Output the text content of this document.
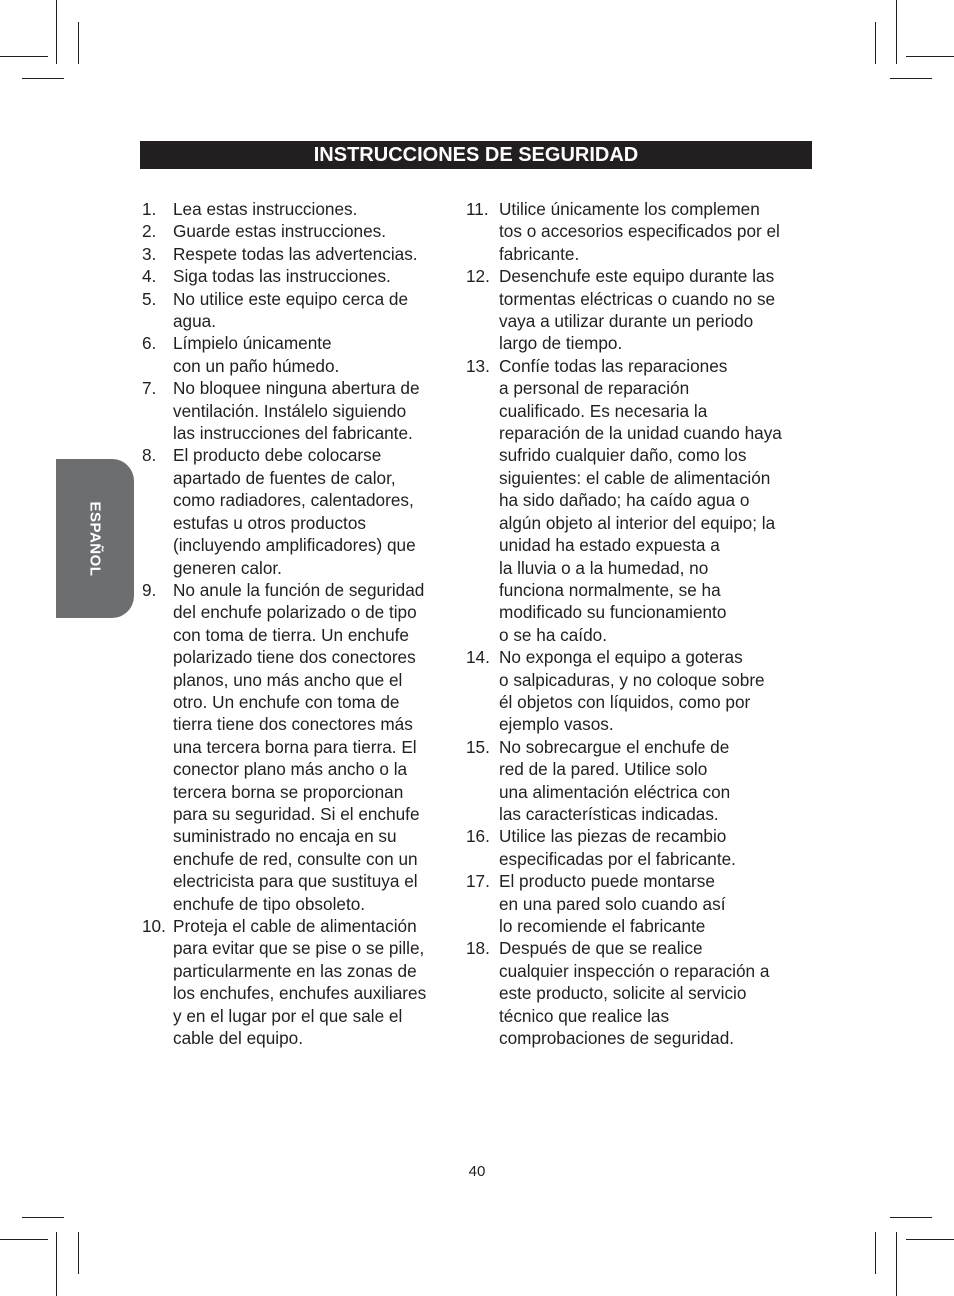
INSTRUCCIONES DE SEGURIDAD
ESPAÑOL
1. Lea estas instrucciones.
2. Guarde estas instrucciones.
3. Respete todas las advertencias.
4. Siga todas las instrucciones.
5. No utilice este equipo cerca de
agua.
6. Límpielo únicamente
con un paño húmedo.
7. No bloquee ninguna abertura de
ventilación. Instálelo siguiendo
las instrucciones del fabricante.
8. El producto debe colocarse
apartado de fuentes de calor,
como radiadores, calentadores,
estufas u otros productos
(incluyendo amplificadores) que
generen calor.
9. No anule la función de seguridad
del enchufe polarizado o de tipo
con toma de tierra. Un enchufe
polarizado tiene dos conectores
planos, uno más ancho que el
otro. Un enchufe con toma de
tierra tiene dos conectores más
una tercera borna para tierra. El
conector plano más ancho o la
tercera borna se proporcionan
para su seguridad. Si el enchufe
suministrado no encaja en su
enchufe de red, consulte con un
electricista para que sustituya el
enchufe de tipo obsoleto.
10. Proteja el cable de alimentación
para evitar que se pise o se pille,
particularmente en las zonas de
los enchufes, enchufes auxiliares
y en el lugar por el que sale el
cable del equipo.
11. Utilice únicamente los complemen
tos o accesorios especificados por el
fabricante.
12. Desenchufe este equipo durante las
tormentas eléctricas o cuando no se
vaya a utilizar durante un periodo
largo de tiempo.
13. Confíe todas las reparaciones
a personal de reparación
cualificado. Es necesaria la
reparación de la unidad cuando haya
sufrido cualquier daño, como los
siguientes: el cable de alimentación
ha sido dañado; ha caído agua o
algún objeto al interior del equipo; la
unidad ha estado expuesta a
la lluvia o a la humedad, no
funciona normalmente, se ha
modificado su funcionamiento
o se ha caído.
14. No exponga el equipo a goteras
o salpicaduras, y no coloque sobre
él objetos con líquidos, como por
ejemplo vasos.
15. No sobrecargue el enchufe de
red de la pared. Utilice solo
una alimentación eléctrica con
las características indicadas.
16. Utilice las piezas de recambio
especificadas por el fabricante.
17. El producto puede montarse
en una pared solo cuando así
lo recomiende el fabricante
18. Después de que se realice
cualquier inspección o reparación a
este producto, solicite al servicio
técnico que realice las
comprobaciones de seguridad.
40
